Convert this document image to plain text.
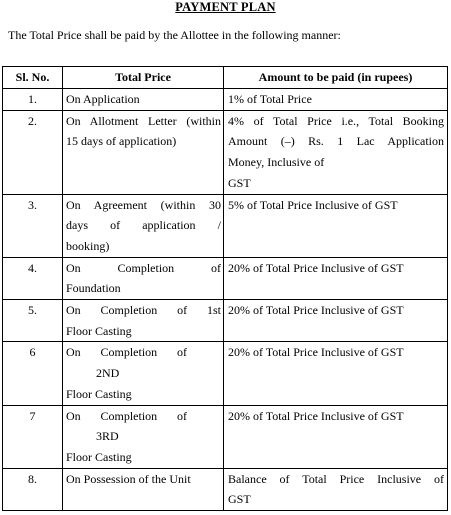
PAYMENT PLAN
The Total Price shall be paid by the Allottee in the following manner:
Sl. No.	Total Price	Amount to be paid (in rupees)
1.	On Application	1% of Total Price
2.	On Allotment Letter (within
15 days of application)	4% of Total Price i.e., Total Booking
Amount (–) Rs. 1 Lac Application
Money, Inclusive of
GST

3.	On Agreement (within 30
days of application /
booking)	5% of Total Price Inclusive of GST
4.	On Completion of
Foundation	20% of Total Price Inclusive of GST
5.	On Completion of 1st
Floor Casting	20% of Total Price Inclusive of GST
6	On Completion of
2ND
Floor Casting	20% of Total Price Inclusive of GST
7	On Completion of
3RD
Floor Casting	20% of Total Price Inclusive of GST
8.	On Possession of the Unit	Balance of Total Price Inclusive of
GST
